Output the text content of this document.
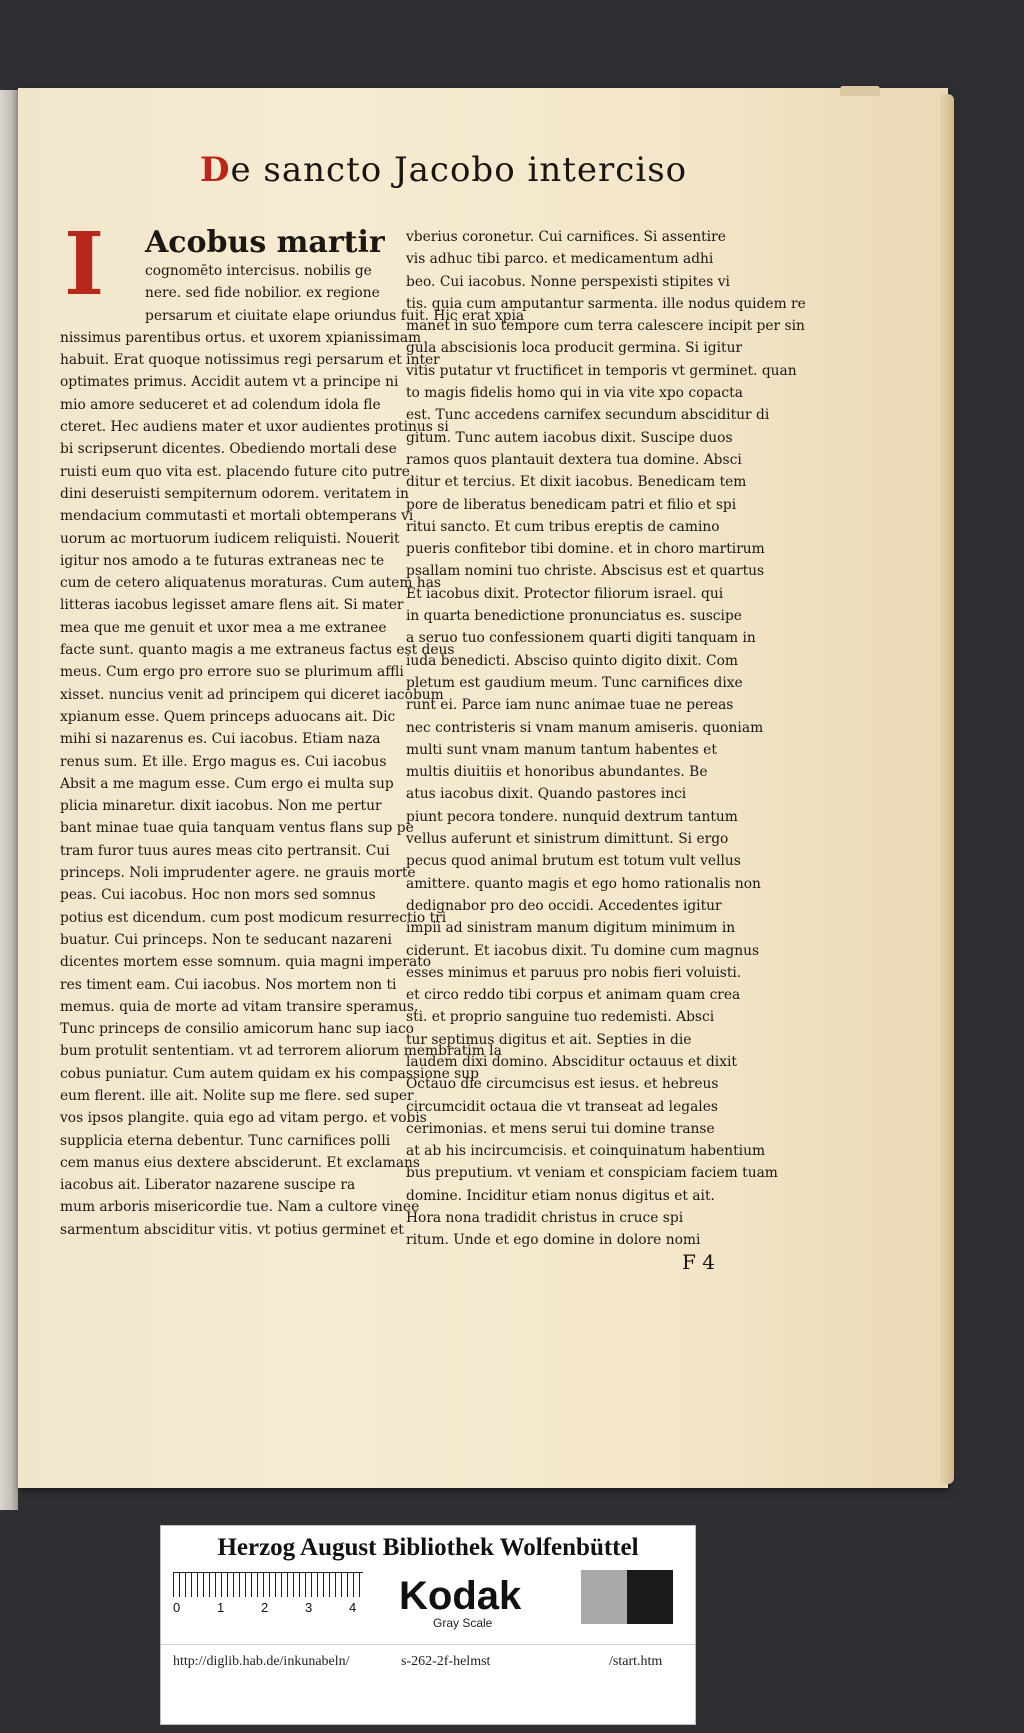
De sancto Jacobo interciso
I	Acobus martir
cognomēto intercisus. nobilis ge
nere. sed fide nobilior. ex regione
persarum et ciuitate elape oriundus fuit. Hic erat xpia
nissimus parentibus ortus. et uxorem xpianissimam
habuit. Erat quoque notissimus regi persarum et inter
optimates primus. Accidit autem vt a principe ni
mio amore seduceret et ad colendum idola fle
cteret. Hec audiens mater et uxor audientes protinus si
bi scripserunt dicentes. Obediendo mortali dese
ruisti eum quo vita est. placendo future cito putre
dini deseruisti sempiternum odorem. veritatem in
mendacium commutasti et mortali obtemperans vi
uorum ac mortuorum iudicem reliquisti. Nouerit
igitur nos amodo a te futuras extraneas nec te
cum de cetero aliquatenus moraturas. Cum autem has
litteras iacobus legisset amare flens ait. Si mater
mea que me genuit et uxor mea a me extranee
facte sunt. quanto magis a me extraneus factus est deus
meus. Cum ergo pro errore suo se plurimum affli
xisset. nuncius venit ad principem qui diceret iacobum
xpianum esse. Quem princeps aduocans ait. Dic
mihi si nazarenus es. Cui iacobus. Etiam naza
renus sum. Et ille. Ergo magus es. Cui iacobus
Absit a me magum esse. Cum ergo ei multa sup
plicia minaretur. dixit iacobus. Non me pertur
bant minae tuae quia tanquam ventus flans sup pe
tram furor tuus aures meas cito pertransit. Cui
princeps. Noli imprudenter agere. ne grauis morte
peas. Cui iacobus. Hoc non mors sed somnus
potius est dicendum. cum post modicum resurrectio tri
buatur. Cui princeps. Non te seducant nazareni
dicentes mortem esse somnum. quia magni imperato
res timent eam. Cui iacobus. Nos mortem non ti
memus. quia de morte ad vitam transire speramus.
Tunc princeps de consilio amicorum hanc sup iaco
bum protulit sententiam. vt ad terrorem aliorum membratim la
cobus puniatur. Cum autem quidam ex his compassione sup
eum flerent. ille ait. Nolite sup me flere. sed super
vos ipsos plangite. quia ego ad vitam pergo. et vobis
supplicia eterna debentur. Tunc carnifices polli
cem manus eius dextere absciderunt. Et exclamans
iacobus ait. Liberator nazarene suscipe ra
mum arboris misericordie tue. Nam a cultore vinee
sarmentum absciditur vitis. vt potius germinet et
vberius coronetur. Cui carnifices. Si assentire
vis adhuc tibi parco. et medicamentum adhi
beo. Cui iacobus. Nonne perspexisti stipites vi
tis. quia cum amputantur sarmenta. ille nodus quidem re
manet in suo tempore cum terra calescere incipit per sin
gula abscisionis loca producit germina. Si igitur
vitis putatur vt fructificet in temporis vt germinet. quan
to magis fidelis homo qui in via vite xpo copacta
est. Tunc accedens carnifex secundum absciditur di
gitum. Tunc autem iacobus dixit. Suscipe duos
ramos quos plantauit dextera tua domine. Absci
ditur et tercius. Et dixit iacobus. Benedicam tem
pore de liberatus benedicam patri et filio et spi
ritui sancto. Et cum tribus ereptis de camino
pueris confitebor tibi domine. et in choro martirum
psallam nomini tuo christe. Abscisus est et quartus
Et iacobus dixit. Protector filiorum israel. qui
in quarta benedictione pronunciatus es. suscipe
a seruo tuo confessionem quarti digiti tanquam in
iuda benedicti. Absciso quinto digito dixit. Com
pletum est gaudium meum. Tunc carnifices dixe
runt ei. Parce iam nunc animae tuae ne pereas
nec contristeris si vnam manum amiseris. quoniam
multi sunt vnam manum tantum habentes et
multis diuitiis et honoribus abundantes. Be
atus iacobus dixit. Quando pastores inci
piunt pecora tondere. nunquid dextrum tantum
vellus auferunt et sinistrum dimittunt. Si ergo
pecus quod animal brutum est totum vult vellus
amittere. quanto magis et ego homo rationalis non
dedignabor pro deo occidi. Accedentes igitur
impii ad sinistram manum digitum minimum in
ciderunt. Et iacobus dixit. Tu domine cum magnus
esses minimus et paruus pro nobis fieri voluisti.
et circo reddo tibi corpus et animam quam crea
sti. et proprio sanguine tuo redemisti. Absci
tur septimus digitus et ait. Septies in die
laudem dixi domino. Absciditur octauus et dixit
Octauo die circumcisus est iesus. et hebreus
circumcidit octaua die vt transeat ad legales
cerimonias. et mens serui tui domine transe
at ab his incircumcisis. et coinquinatum habentium
bus preputium. vt veniam et conspiciam faciem tuam
domine. Inciditur etiam nonus digitus et ait.
Hora nona tradidit christus in cruce spi
ritum. Unde et ego domine in dolore nomi
F 4
Herzog August Bibliothek Wolfenbüttel
0	1	2	3	4 Kodak
Gray Scale
http://diglib.hab.de/inkunabeln/	s-262-2f-helmst	/start.htm
